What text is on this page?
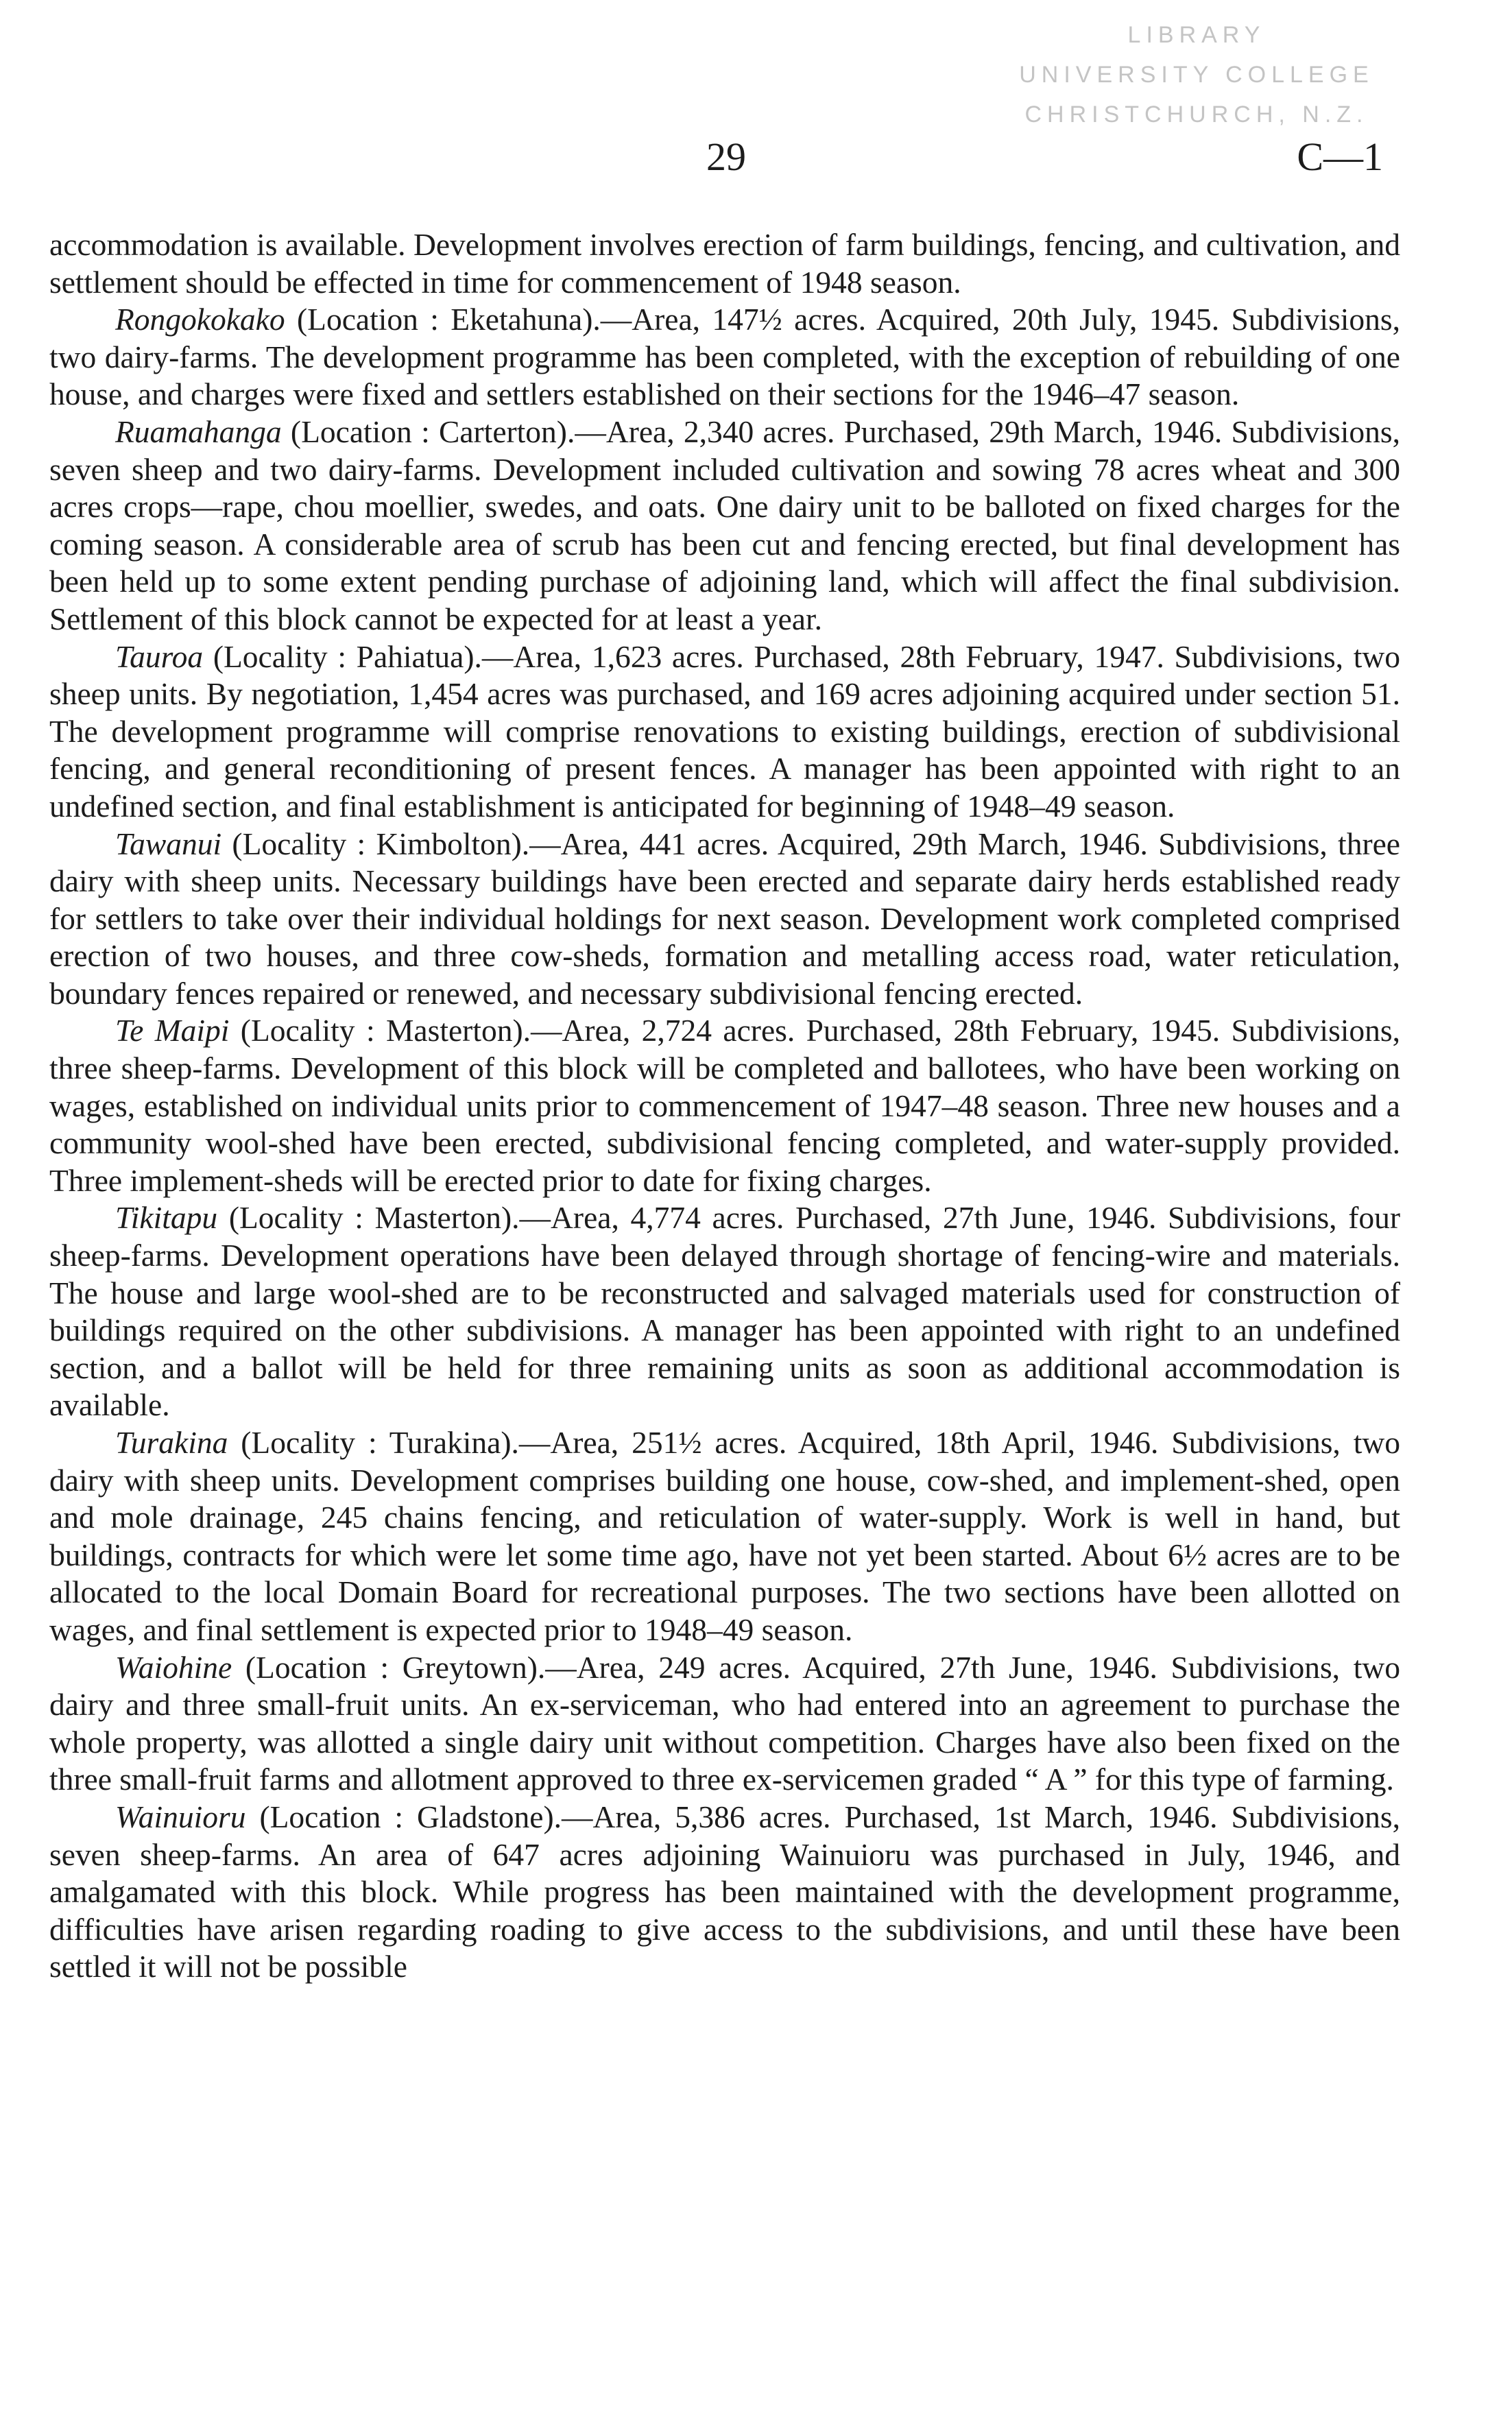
LIBRARY
UNIVERSITY COLLEGE
CHRISTCHURCH, N.Z.
29	C—1

accommodation is available. Development involves erection of farm buildings, fencing, and cultivation, and settlement should be effected in time for commencement of 1948 season.

Rongokokako (Location : Eketahuna).—Area, 147½ acres. Acquired, 20th July, 1945. Subdivisions, two dairy-farms. The development programme has been completed, with the exception of rebuilding of one house, and charges were fixed and settlers established on their sections for the 1946–47 season.

Ruamahanga (Location : Carterton).—Area, 2,340 acres. Purchased, 29th March, 1946. Subdivisions, seven sheep and two dairy-farms. Development included cultivation and sowing 78 acres wheat and 300 acres crops—rape, chou moellier, swedes, and oats. One dairy unit to be balloted on fixed charges for the coming season. A considerable area of scrub has been cut and fencing erected, but final development has been held up to some extent pending purchase of adjoining land, which will affect the final subdivision. Settlement of this block cannot be expected for at least a year.

Tauroa (Locality : Pahiatua).—Area, 1,623 acres. Purchased, 28th February, 1947. Subdivisions, two sheep units. By negotiation, 1,454 acres was purchased, and 169 acres adjoining acquired under section 51. The development programme will comprise renovations to existing buildings, erection of subdivisional fencing, and general reconditioning of present fences. A manager has been appointed with right to an undefined section, and final establishment is anticipated for beginning of 1948–49 season.

Tawanui (Locality : Kimbolton).—Area, 441 acres. Acquired, 29th March, 1946. Subdivisions, three dairy with sheep units. Necessary buildings have been erected and separate dairy herds established ready for settlers to take over their individual holdings for next season. Development work completed comprised erection of two houses, and three cow-sheds, formation and metalling access road, water reticulation, boundary fences repaired or renewed, and necessary subdivisional fencing erected.

Te Maipi (Locality : Masterton).—Area, 2,724 acres. Purchased, 28th February, 1945. Subdivisions, three sheep-farms. Development of this block will be completed and ballotees, who have been working on wages, established on individual units prior to commencement of 1947–48 season. Three new houses and a community wool-shed have been erected, subdivisional fencing completed, and water-supply provided. Three implement-sheds will be erected prior to date for fixing charges.

Tikitapu (Locality : Masterton).—Area, 4,774 acres. Purchased, 27th June, 1946. Subdivisions, four sheep-farms. Development operations have been delayed through shortage of fencing-wire and materials. The house and large wool-shed are to be reconstructed and salvaged materials used for construction of buildings required on the other subdivisions. A manager has been appointed with right to an undefined section, and a ballot will be held for three remaining units as soon as additional accommodation is available.

Turakina (Locality : Turakina).—Area, 251½ acres. Acquired, 18th April, 1946. Subdivisions, two dairy with sheep units. Development comprises building one house, cow-shed, and implement-shed, open and mole drainage, 245 chains fencing, and reticulation of water-supply. Work is well in hand, but buildings, contracts for which were let some time ago, have not yet been started. About 6½ acres are to be allocated to the local Domain Board for recreational purposes. The two sections have been allotted on wages, and final settlement is expected prior to 1948–49 season.

Waiohine (Location : Greytown).—Area, 249 acres. Acquired, 27th June, 1946. Subdivisions, two dairy and three small-fruit units. An ex-serviceman, who had entered into an agreement to purchase the whole property, was allotted a single dairy unit without competition. Charges have also been fixed on the three small-fruit farms and allotment approved to three ex-servicemen graded “ A ” for this type of farming.

Wainuioru (Location : Gladstone).—Area, 5,386 acres. Purchased, 1st March, 1946. Subdivisions, seven sheep-farms. An area of 647 acres adjoining Wainuioru was purchased in July, 1946, and amalgamated with this block. While progress has been maintained with the development programme, difficulties have arisen regarding roading to give access to the subdivisions, and until these have been settled it will not be possible
